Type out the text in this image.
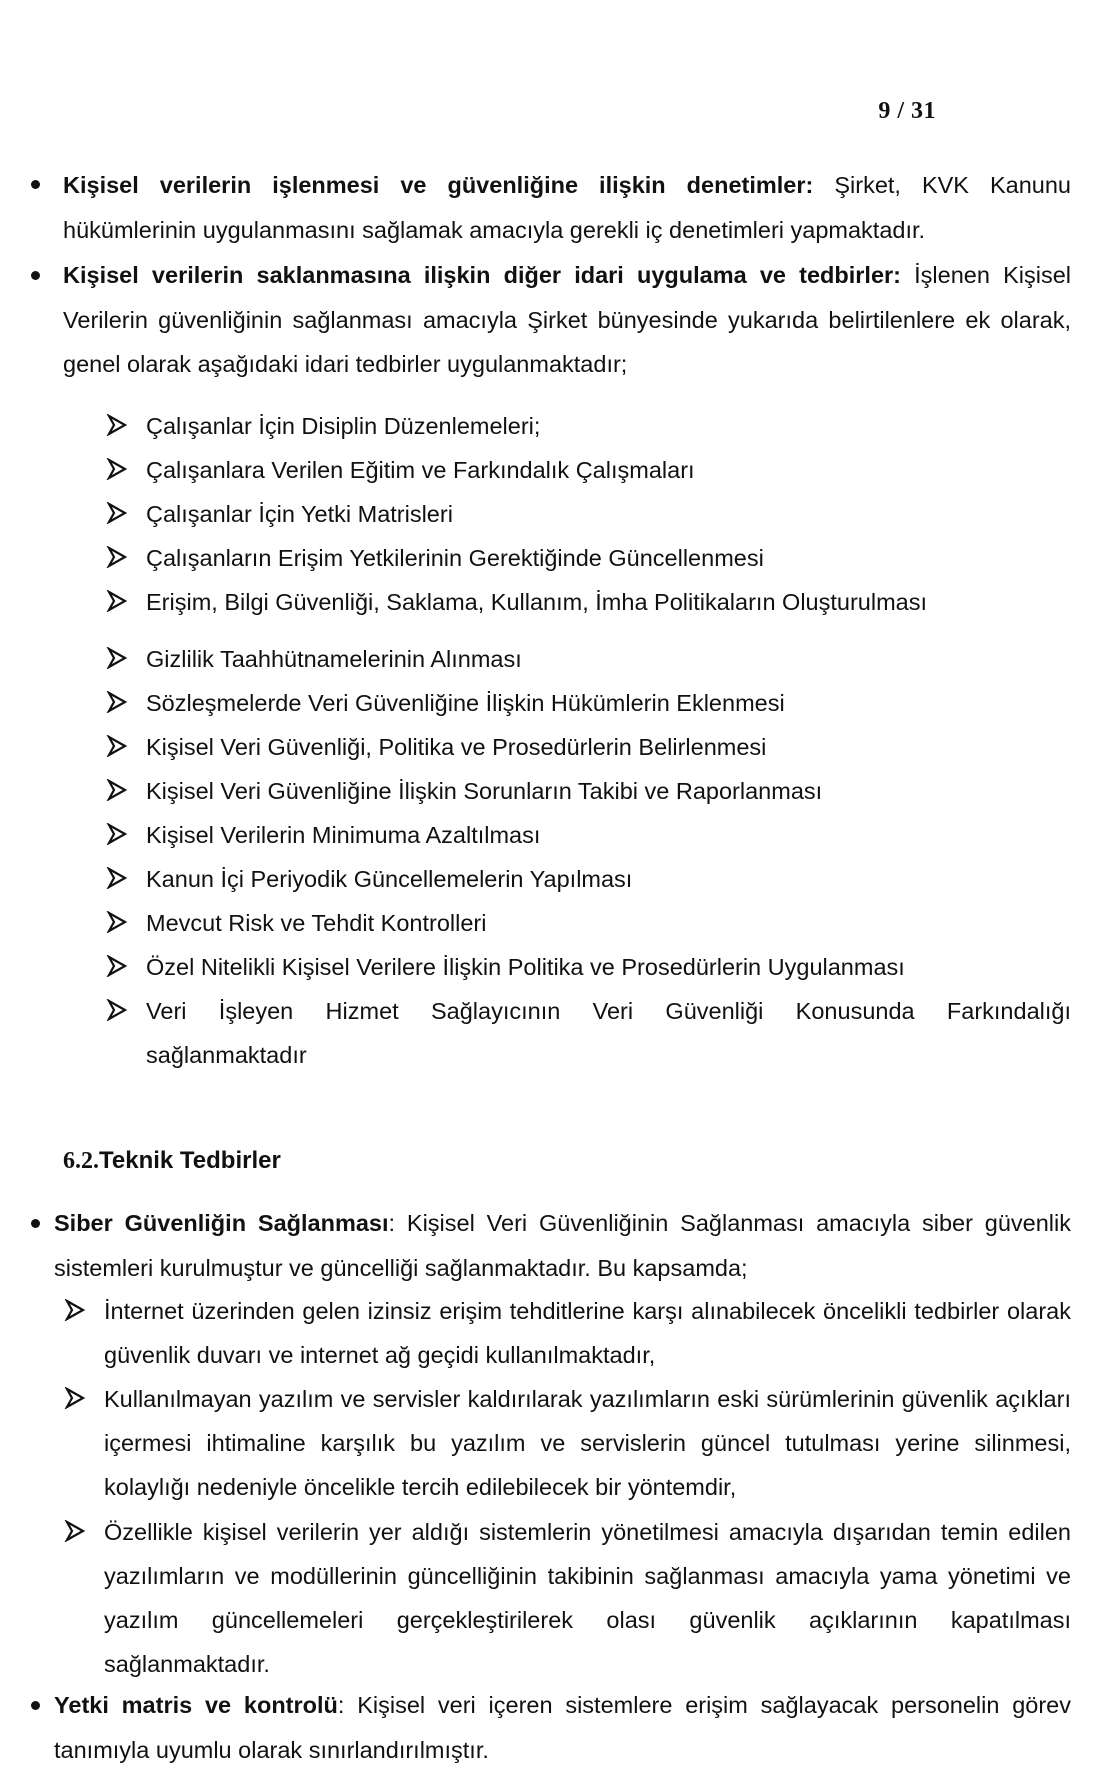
9 / 31
Kişisel verilerin işlenmesi ve güvenliğine ilişkin denetimler: Şirket, KVK Kanunu hükümlerinin uygulanmasını sağlamak amacıyla gerekli iç denetimleri yapmaktadır.
Kişisel verilerin saklanmasına ilişkin diğer idari uygulama ve tedbirler: İşlenen Kişisel Verilerin güvenliğinin sağlanması amacıyla Şirket bünyesinde yukarıda belirtilenlere ek olarak, genel olarak aşağıdaki idari tedbirler uygulanmaktadır;
Çalışanlar İçin Disiplin Düzenlemeleri;
Çalışanlara Verilen Eğitim ve Farkındalık Çalışmaları
Çalışanlar İçin Yetki Matrisleri
Çalışanların Erişim Yetkilerinin Gerektiğinde Güncellenmesi
Erişim, Bilgi Güvenliği, Saklama, Kullanım, İmha Politikaların Oluşturulması
Gizlilik Taahhütnamelerinin Alınması
Sözleşmelerde Veri Güvenliğine İlişkin Hükümlerin Eklenmesi
Kişisel Veri Güvenliği, Politika ve Prosedürlerin Belirlenmesi
Kişisel Veri Güvenliğine İlişkin Sorunların Takibi ve Raporlanması
Kişisel Verilerin Minimuma Azaltılması
Kanun İçi Periyodik Güncellemelerin Yapılması
Mevcut Risk ve Tehdit Kontrolleri
Özel Nitelikli Kişisel Verilere İlişkin Politika ve Prosedürlerin Uygulanması
Veri İşleyen Hizmet Sağlayıcının Veri Güvenliği Konusunda Farkındalığı sağlanmaktadır
6.2.Teknik Tedbirler
Siber Güvenliğin Sağlanması: Kişisel Veri Güvenliğinin Sağlanması amacıyla siber güvenlik sistemleri kurulmuştur ve güncelliği sağlanmaktadır. Bu kapsamda;
İnternet üzerinden gelen izinsiz erişim tehditlerine karşı alınabilecek öncelikli tedbirler olarak güvenlik duvarı ve internet ağ geçidi kullanılmaktadır,
Kullanılmayan yazılım ve servisler kaldırılarak yazılımların eski sürümlerinin güvenlik açıkları içermesi ihtimaline karşılık bu yazılım ve servislerin güncel tutulması yerine silinmesi, kolaylığı nedeniyle öncelikle tercih edilebilecek bir yöntemdir,
Özellikle kişisel verilerin yer aldığı sistemlerin yönetilmesi amacıyla dışarıdan temin edilen yazılımların ve modüllerinin güncelliğinin takibinin sağlanması amacıyla yama yönetimi ve yazılım güncellemeleri gerçekleştirilerek olası güvenlik açıklarının kapatılması sağlanmaktadır.
Yetki matris ve kontrolü: Kişisel veri içeren sistemlere erişim sağlayacak personelin görev tanımıyla uyumlu olarak sınırlandırılmıştır.
